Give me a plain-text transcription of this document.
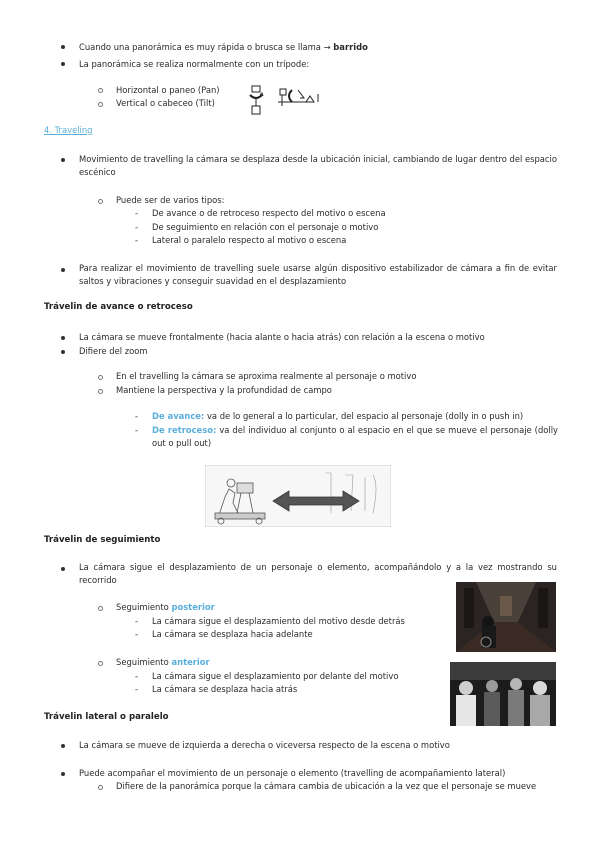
Cuando una panorámica es muy rápida o brusca se llama → barrido
La panorámica se realiza normalmente con un trípode:
Horizontal o paneo (Pan)
Vertical o cabeceo (Tilt)
4. Traveling
Movimiento de travelling la cámara se desplaza desde la ubicación inicial, cambiando de lugar dentro del espacio escénico
Puede ser de varios tipos:
- De avance o de retroceso respecto del motivo o escena
- De seguimiento en relación con el personaje o motivo
- Lateral o paralelo respecto al motivo o escena
Para realizar el movimiento de travelling suele usarse algún dispositivo estabilizador de cámara a fin de evitar saltos y vibraciones y conseguir suavidad en el desplazamiento
Trávelin de avance o retroceso
La cámara se mueve frontalmente (hacia alante o hacia atrás) con relación a la escena o motivo
Difiere del zoom
En el travelling la cámara se aproxima realmente al personaje o motivo
Mantiene la perspectiva y la profundidad de campo
- De avance: va de lo general a lo particular, del espacio al personaje (dolly in o push in)
- De retroceso: va del individuo al conjunto o al espacio en el que se mueve el personaje (dolly out o pull out)
Trávelin de seguimiento
La cámara sigue el desplazamiento de un personaje o elemento, acompañándolo y a la vez mostrando su recorrido
Seguimiento posterior
- La cámara sigue el desplazamiento del motivo desde detrás
- La cámara se desplaza hacia adelante
Seguimiento anterior
- La cámara sigue el desplazamiento por delante del motivo
- La cámara se desplaza hacia atrás
Trávelin lateral o paralelo
La cámara se mueve de izquierda a derecha o viceversa respecto de la escena o motivo
Puede acompañar el movimiento de un personaje o elemento (travelling de acompañamiento lateral)
Difiere de la panorámica porque la cámara cambia de ubicación a la vez que el personaje se mueve
